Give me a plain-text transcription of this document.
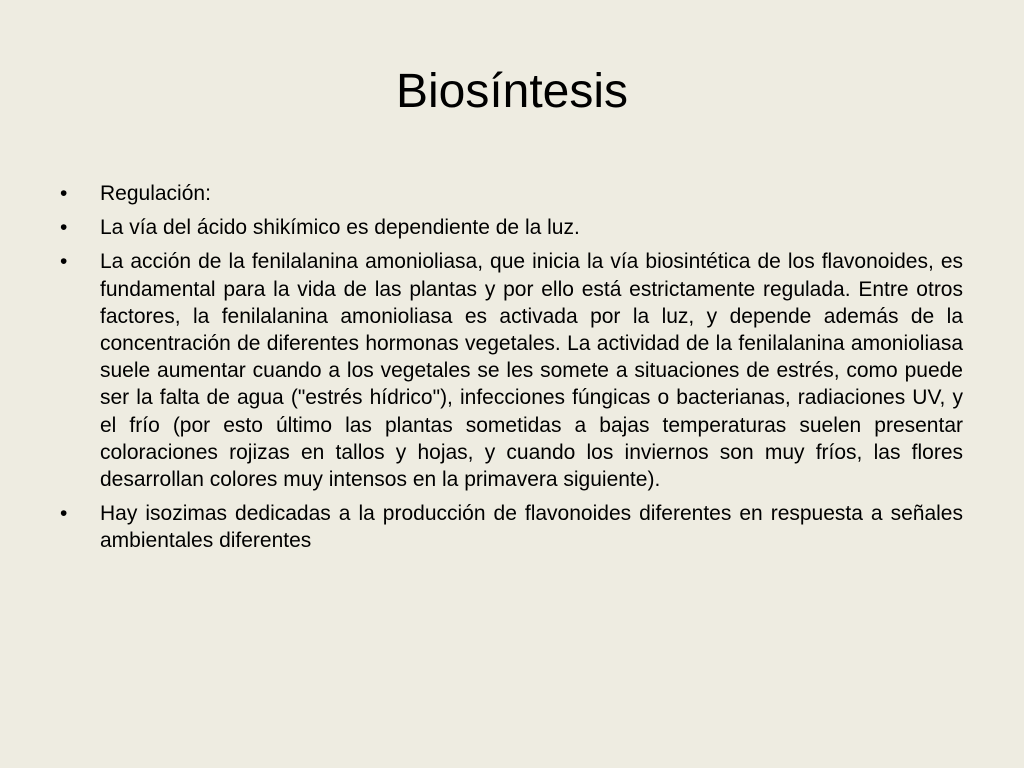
Biosíntesis
• Regulación:
• La vía del ácido shikímico es dependiente de la luz.
• La acción de la fenilalanina amonioliasa, que inicia la vía biosintética de los flavonoides, es fundamental para la vida de las plantas y por ello está estrictamente regulada. Entre otros factores, la fenilalanina amonioliasa es activada por la luz, y depende además de la concentración de diferentes hormonas vegetales. La actividad de la fenilalanina amonioliasa suele aumentar cuando a los vegetales se les somete a situaciones de estrés, como puede ser la falta de agua ("estrés hídrico"), infecciones fúngicas o bacterianas, radiaciones UV, y el frío (por esto último las plantas sometidas a bajas temperaturas suelen presentar coloraciones rojizas en tallos y hojas, y cuando los inviernos son muy fríos, las flores desarrollan colores muy intensos en la primavera siguiente).
• Hay isozimas dedicadas a la producción de flavonoides diferentes en respuesta a señales ambientales diferentes
